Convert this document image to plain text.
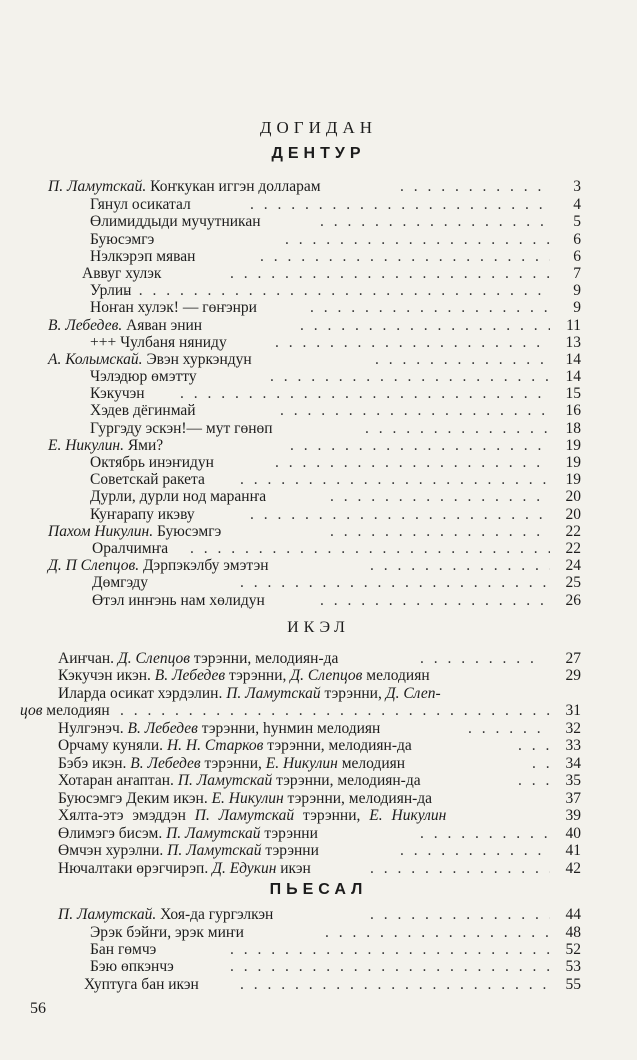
ДОГИДАН
ДЕНТУР
П. Ламутскай. Коҥкукан иггэн долларам . . .	3
Гянул осикатал . . .	4
Өлимиддыди мучутникан . . .	5
Буюсэмгэ . . .	6
Нэлкэрэп мяван . . .	6
Аввуг хулэк . . .	7
Урлин . . .	9
Ноҥан хулэк! — гөҥэнри . . .	9
В. Лебедев. Аяван энин . . .	11
+++ Чулбаня няниду . . .	13
А. Колымскай. Эвэн хуркэндун . . .	14
Чэлэдюр өмэтту . . .	14
Кэкучэн . . .	15
Хэдев дёгинмай . . .	16
Гургэду эскэн!— мут гөнөп . . .	18
Е. Никулин. Ями? . . .	19
Октябрь инэҥидун . . .	19
Советскай ракета . . .	19
Дурли, дурли нод маранҥа . . .	20
Куҥарапу икэву . . .	20
Пахом Никулин. Буюсэмгэ . . .	22
Оралчимҥа . . .	22
Д. П Слепцов. Дэрпэкэлбу эмэтэн . . .	24
Дөмгэду . . .	25
Өтэл инҥэнь нам хөлидун . . .	26
ИКЭЛ
Аиҥчан. Д. Слепцов тэрэнни, мелодиян-да . . .	27
Кэкучэн икэн. В. Лебедев тэрэнни, Д. Слепцов мелодиян	29
Иларда осикат хэрдэлин. П. Ламутскай тэрэнни, Д. Слеп-
цов мелодиян . . .	31
Нулгэнэч. В. Лебедев тэрэнни, һунмин мелодиян . . .	32
Орчаму куняли. Н. Н. Старков тэрэнни, мелодиян-да . . .	33
Бэбэ икэн. В. Лебедев тэрэнни, Е. Никулин мелодиян . . .	34
Хотаран аҥаптан. П. Ламутскай тэрэнни, мелодиян-да . . .	35
Буюсэмгэ Деким икэн. Е. Никулин тэрэнни, мелодиян-да	37
Хялта-этэ эмэддэн П. Ламутскай тэрэнни, Е. Никулин	39
Өлимэгэ бисэм. П. Ламутскай тэрэнни . . .	40
Өмчэн хурэлни. П. Ламутскай тэрэнни . . .	41
Нючалтаки өрэгчирэп. Д. Едукин икэн . . .	42
ПЬЕСАЛ
П. Ламутскай. Хоя-да гургэлкэн . . .	44
Эрэк бэйҥи, эрэк миҥи . . .	48
Бан гөмчэ . . .	52
Бэю өпкэнчэ . . .	53
Хуптуга бан икэн . . .	55
56
